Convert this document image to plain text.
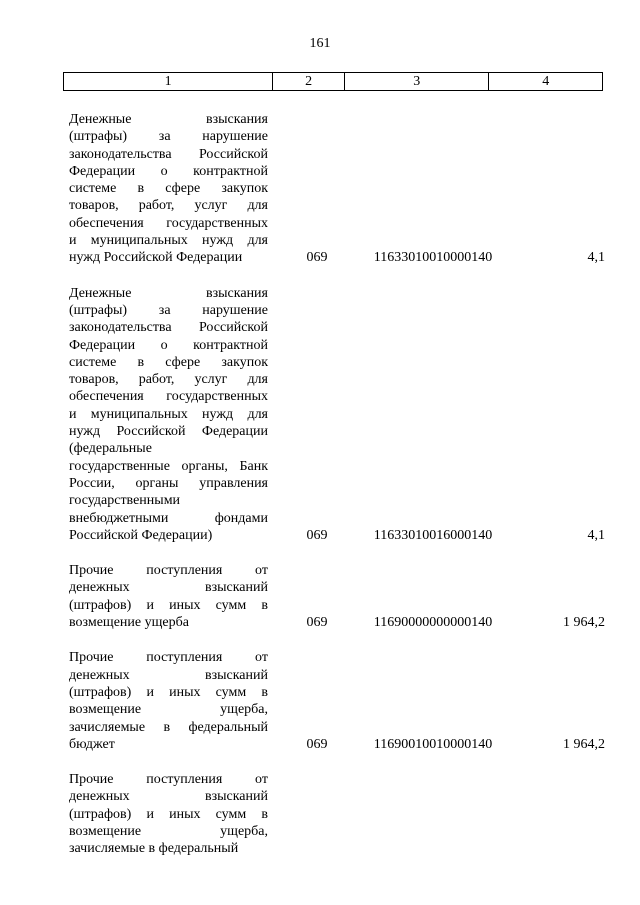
161
1	2	3	4
Денежные взыскания
(штрафы) за нарушение
законодательства Российской
Федерации о контрактной
системе в сфере закупок
товаров, работ, услуг для
обеспечения государственных
и муниципальных нужд для
нужд Российской Федерации	069	11633010010000140	4,1
Денежные взыскания
(штрафы) за нарушение
законодательства Российской
Федерации о контрактной
системе в сфере закупок
товаров, работ, услуг для
обеспечения государственных
и муниципальных нужд для
нужд Российской Федерации
(федеральные
государственные органы, Банк
России, органы управления
государственными
внебюджетными фондами
Российской Федерации)	069	11633010016000140	4,1
Прочие поступления от
денежных взысканий
(штрафов) и иных сумм в
возмещение ущерба	069	11690000000000140	1 964,2
Прочие поступления от
денежных взысканий
(штрафов) и иных сумм в
возмещение ущерба,
зачисляемые в федеральный
бюджет	069	11690010010000140	1 964,2
Прочие поступления от
денежных взысканий
(штрафов) и иных сумм в
возмещение ущерба,
зачисляемые в федеральный
